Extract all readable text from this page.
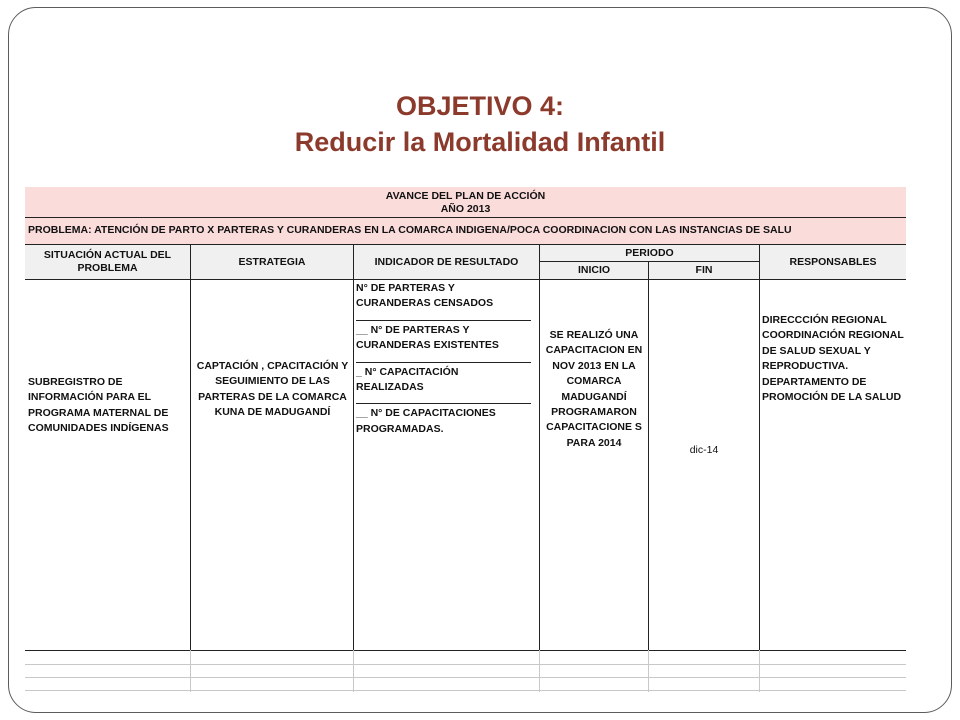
OBJETIVO 4:
Reducir la Mortalidad Infantil
AVANCE DEL PLAN DE ACCIÓN
AÑO 2013
PROBLEMA: ATENCIÓN DE PARTO X PARTERAS Y CURANDERAS EN LA COMARCA INDIGENA/POCA COORDINACION CON LAS INSTANCIAS DE SALU
SITUACIÓN ACTUAL DEL PROBLEMA
ESTRATEGIA	INDICADOR DE RESULTADO
PERIODO
INICIO	FIN
RESPONSABLES
SUBREGISTRO DE INFORMACIÓN PARA EL PROGRAMA MATERNAL DE COMUNIDADES INDÍGENAS
CAPTACIÓN , CPACITACIÓN Y SEGUIMIENTO DE LAS PARTERAS DE LA COMARCA KUNA DE MADUGANDÍ
N° DE PARTERAS Y
CURANDERAS CENSADOS
__ N° DE PARTERAS Y
CURANDERAS EXISTENTES
_ N° CAPACITACIÓN
REALIZADAS
__ N° DE CAPACITACIONES
PROGRAMADAS.
SE REALIZÓ UNA CAPACITACION EN NOV 2013 EN LA COMARCA MADUGANDÍ PROGRAMARON CAPACITACIONE S PARA 2014
dic-14
DIRECCCIÓN REGIONAL COORDINACIÓN REGIONAL DE SALUD SEXUAL Y REPRODUCTIVA. DEPARTAMENTO DE PROMOCIÓN DE LA SALUD
